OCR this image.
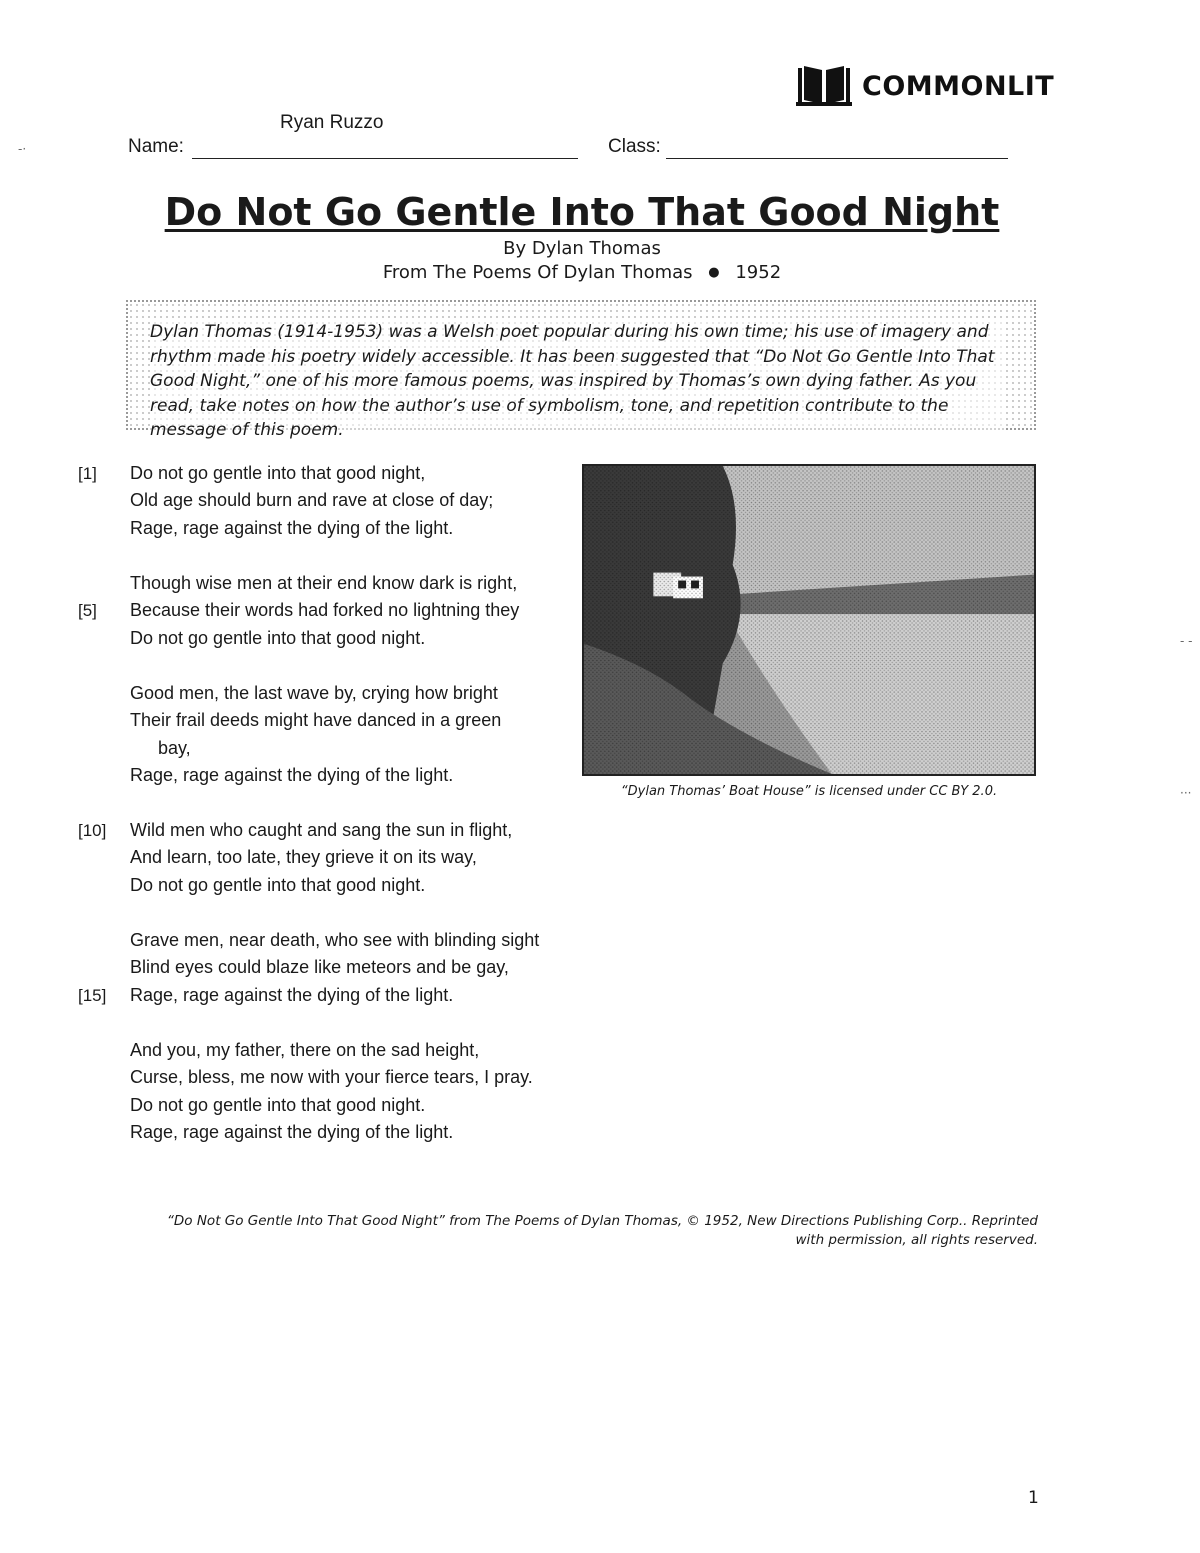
COMMONLIT
-·
- -
···
Ryan Ruzzo
Name:	Class:
Do Not Go Gentle Into That Good Night
By Dylan Thomas
From The Poems Of Dylan Thomas ● 1952

Dylan Thomas (1914-1953) was a Welsh poet popular during his own time; his use of imagery and rhythm made his poetry widely accessible. It has been suggested that “Do Not Go Gentle Into That Good Night,” one of his more famous poems, was inspired by Thomas’s own dying father. As you read, take notes on how the author’s use of symbolism, tone, and repetition contribute to the message of this poem.

[1]	Do not go gentle into that good night,
Old age should burn and rave at close of day;
Rage, rage against the dying of the light.
Though wise men at their end know dark is right,
[5]	Because their words had forked no lightning they
Do not go gentle into that good night.
Good men, the last wave by, crying how bright
Their frail deeds might have danced in a green
bay,
Rage, rage against the dying of the light.
[10]	Wild men who caught and sang the sun in flight,
And learn, too late, they grieve it on its way,
Do not go gentle into that good night.
Grave men, near death, who see with blinding sight
Blind eyes could blaze like meteors and be gay,
[15]	Rage, rage against the dying of the light.
And you, my father, there on the sad height,
Curse, bless, me now with your fierce tears, I pray.
Do not go gentle into that good night.
Rage, rage against the dying of the light.
“Dylan Thomas’ Boat House” is licensed under CC BY 2.0.
“Do Not Go Gentle Into That Good Night” from The Poems of Dylan Thomas, © 1952, New Directions Publishing Corp.. Reprinted with permission, all rights reserved.
1
